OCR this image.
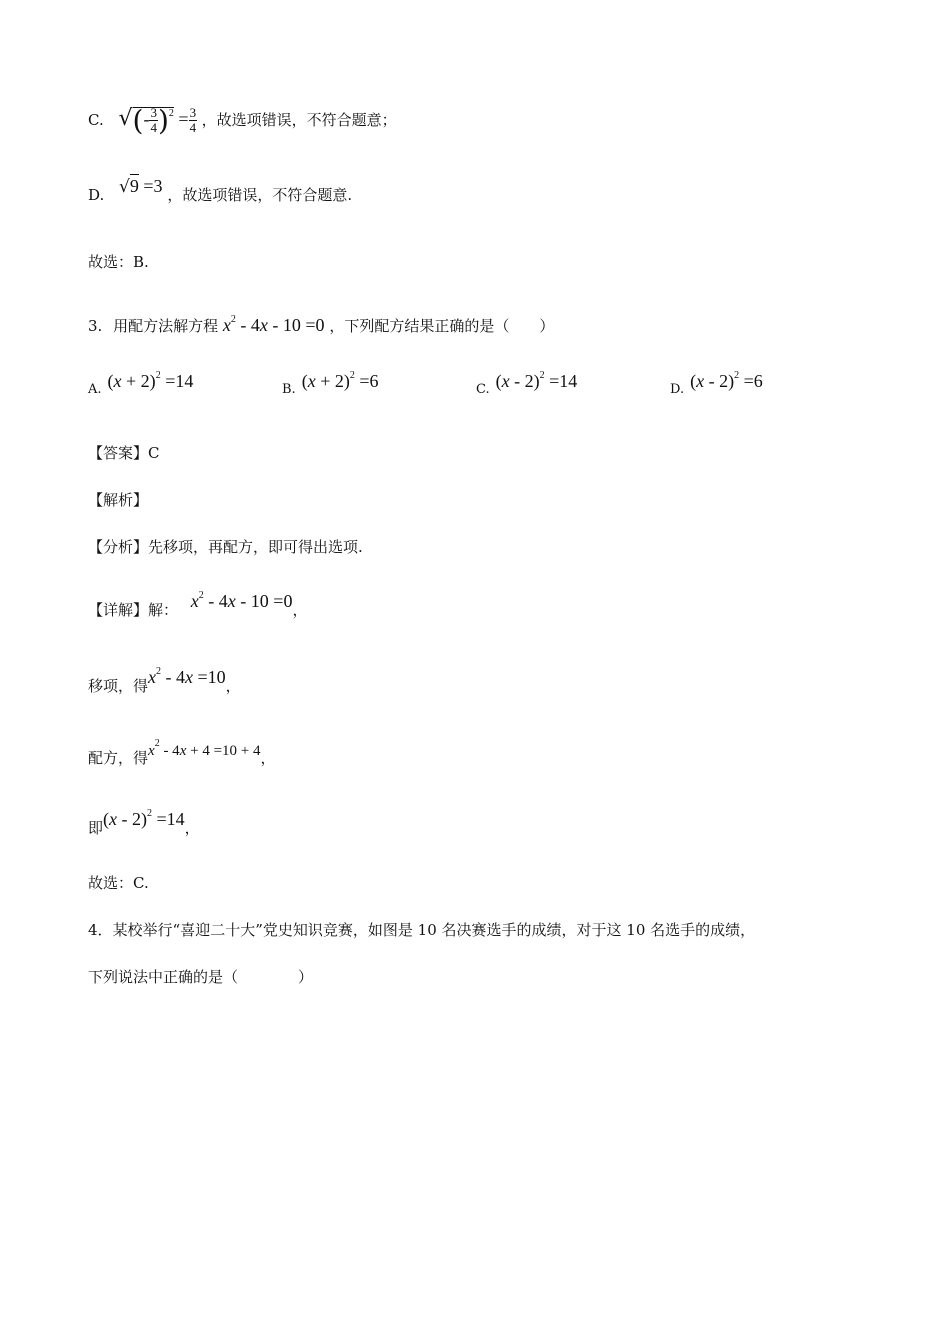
C. √(- $\frac{3}{4} )^2 = \frac{3}{4}$ ，故选项错误，不符合题意；
D. √9 =3 ，故选项错误，不符合题意.
故选：B.
3. 用配方法解方程 $x^2 - 4x - 10 =0$ ，下列配方结果正确的是（　　）
A. $(x + 2)^2 =14$	B. $(x + 2)^2 =6$	C. (x - 2)$^2$ =14	D. (x - 2)$^2$ =6
【答案】C
【解析】
【分析】先移项，再配方，即可得出选项.
【详解】解： $x^2 - 4x - 10 =0$，
移项，得$x^2 - 4x =10$，
配方，得$x^2 - 4x + 4 =10 + 4$，
即(x - 2)$^2$ =14，
故选：C.
4．某校举行“喜迎二十大”党史知识竞赛，如图是 10 名决赛选手的成绩，对于这 10 名选手的成绩，
下列说法中正确的是（　　　　）
